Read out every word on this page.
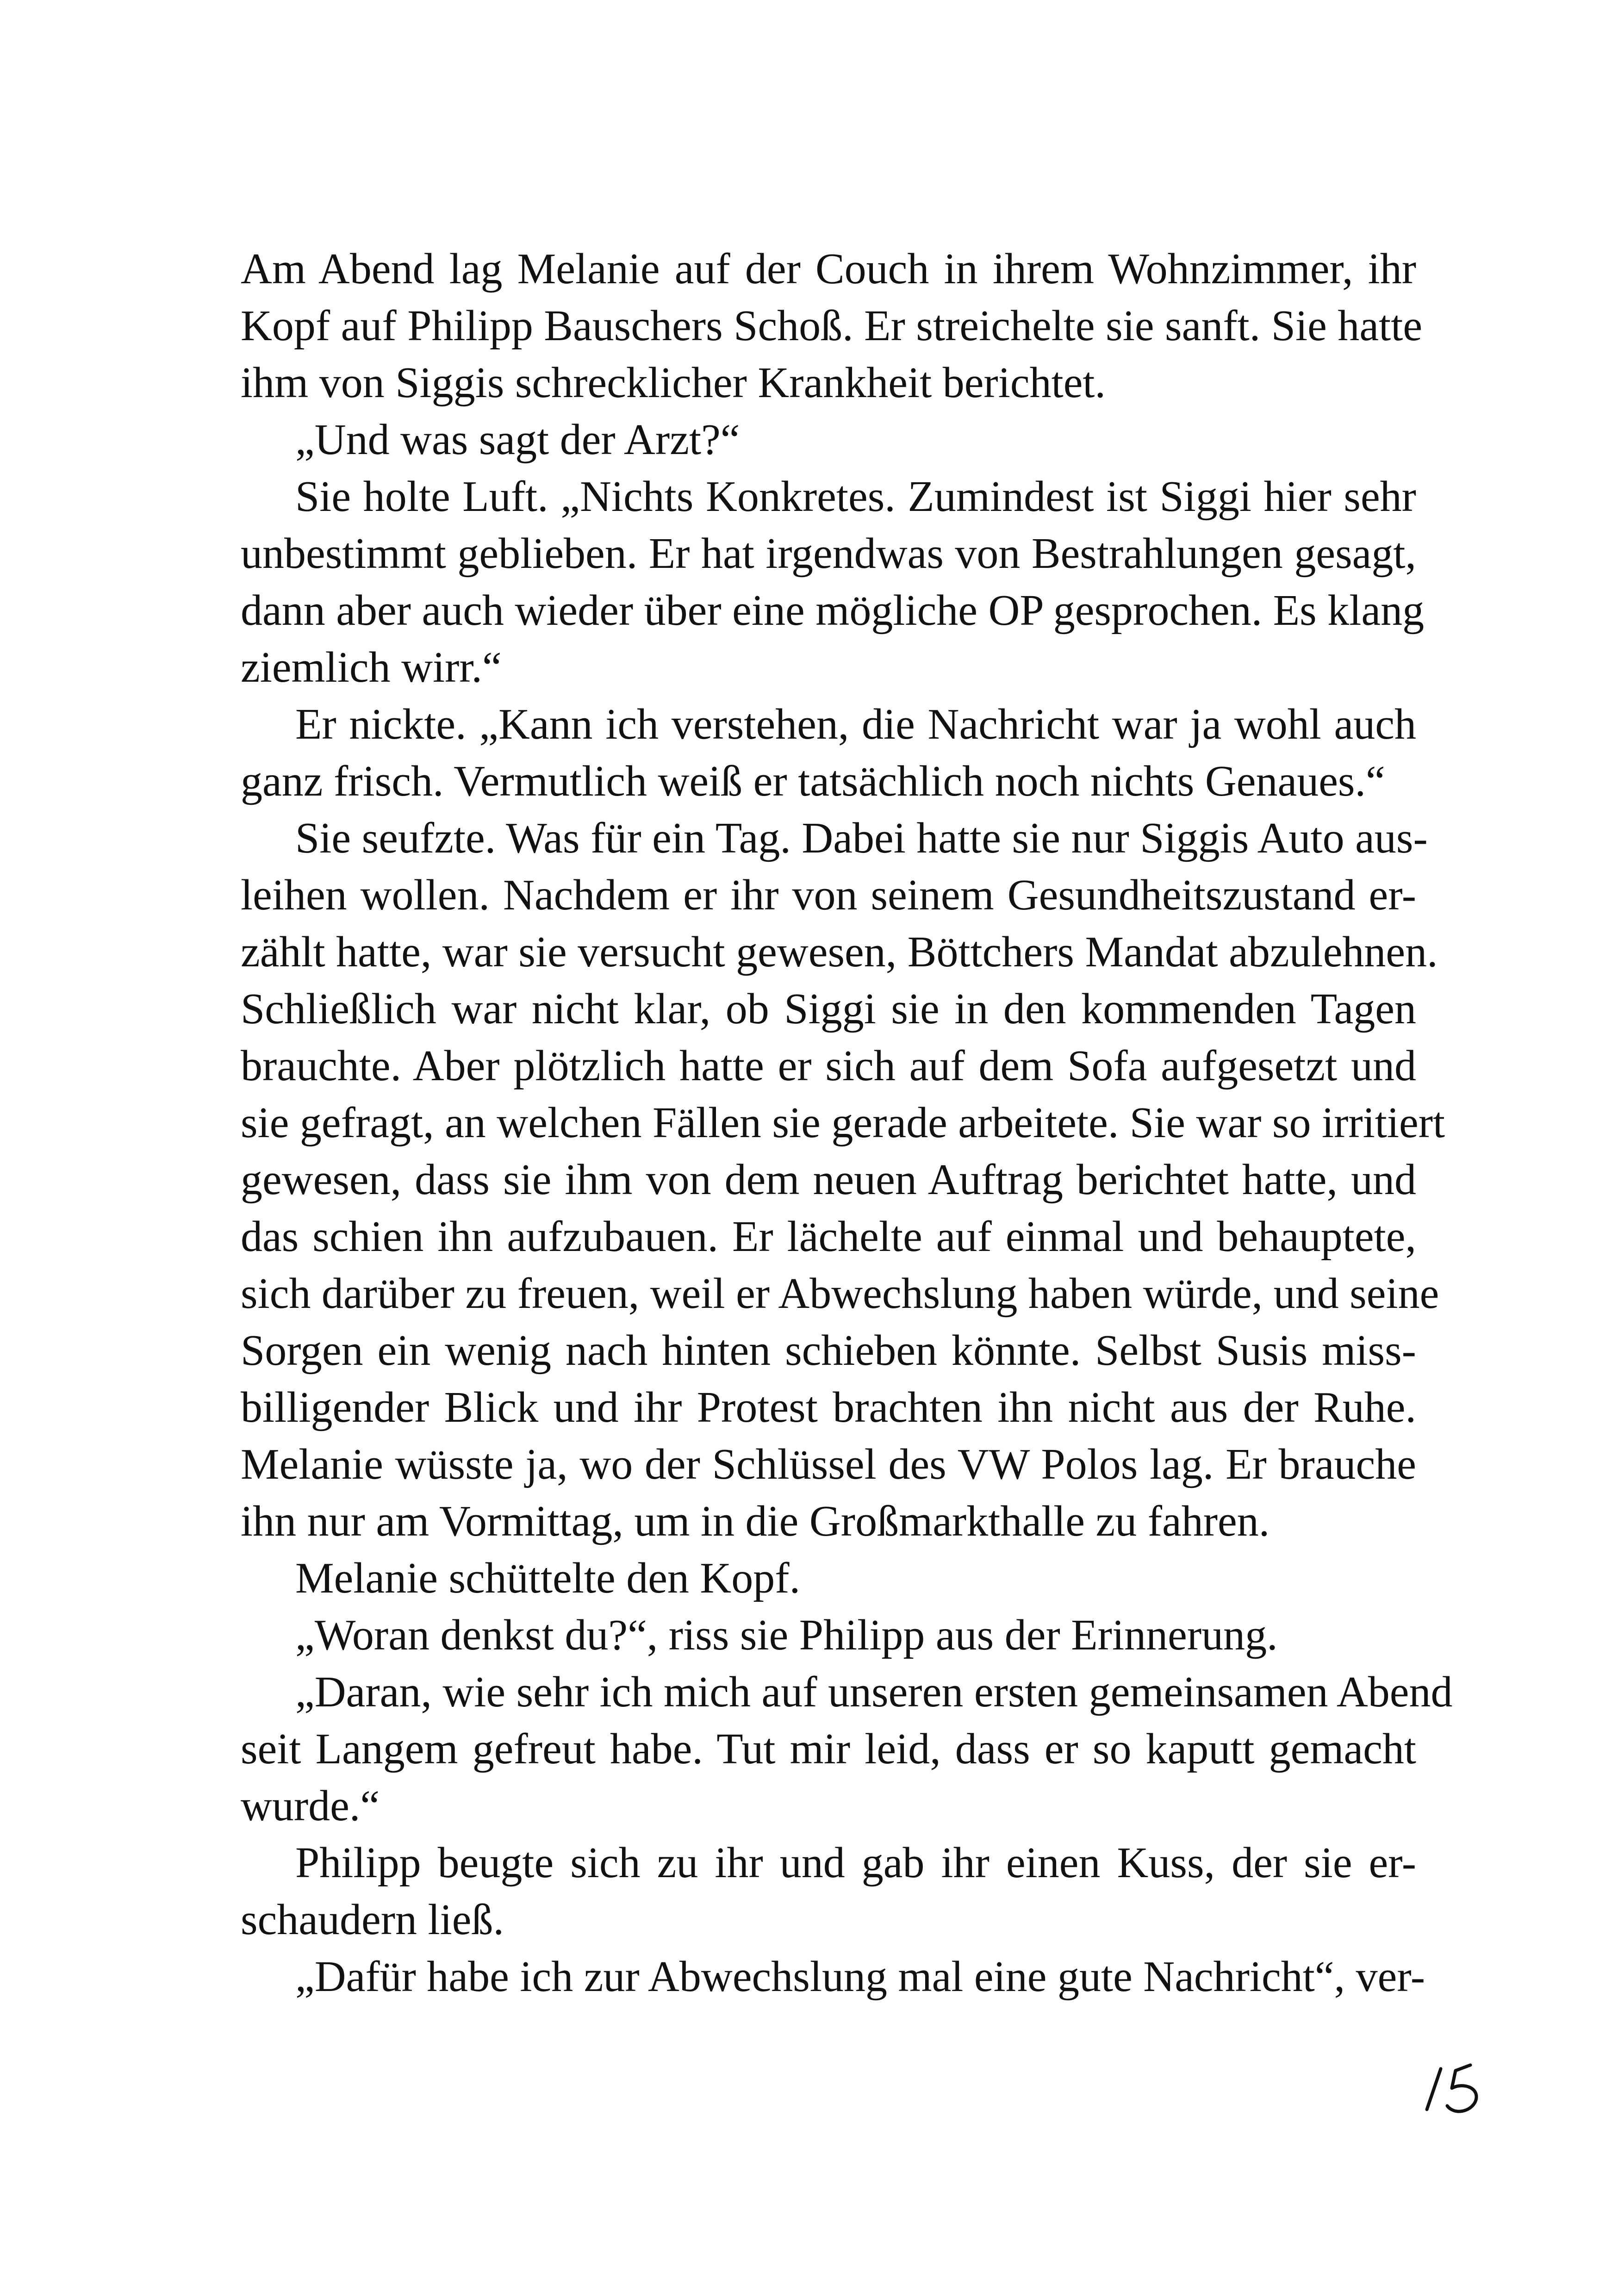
Am Abend lag Melanie auf der Couch in ihrem Wohnzimmer, ihr
Kopf auf Philipp Bauschers Schoß. Er streichelte sie sanft. Sie hatte
ihm von Siggis schrecklicher Krankheit berichtet.
„Und was sagt der Arzt?“
Sie holte Luft. „Nichts Konkretes. Zumindest ist Siggi hier sehr
unbestimmt geblieben. Er hat irgendwas von Bestrahlungen gesagt,
dann aber auch wieder über eine mögliche OP gesprochen. Es klang
ziemlich wirr.“
Er nickte. „Kann ich verstehen, die Nachricht war ja wohl auch
ganz frisch. Vermutlich weiß er tatsächlich noch nichts Genaues.“
Sie seufzte. Was für ein Tag. Dabei hatte sie nur Siggis Auto aus-
leihen wollen. Nachdem er ihr von seinem Gesundheitszustand er-
zählt hatte, war sie versucht gewesen, Böttchers Mandat abzulehnen.
Schließlich war nicht klar, ob Siggi sie in den kommenden Tagen
brauchte. Aber plötzlich hatte er sich auf dem Sofa aufgesetzt und
sie gefragt, an welchen Fällen sie gerade arbeitete. Sie war so irritiert
gewesen, dass sie ihm von dem neuen Auftrag berichtet hatte, und
das schien ihn aufzubauen. Er lächelte auf einmal und behauptete,
sich darüber zu freuen, weil er Abwechslung haben würde, und seine
Sorgen ein wenig nach hinten schieben könnte. Selbst Susis miss-
billigender Blick und ihr Protest brachten ihn nicht aus der Ruhe.
Melanie wüsste ja, wo der Schlüssel des VW Polos lag. Er brauche
ihn nur am Vormittag, um in die Großmarkthalle zu fahren.
Melanie schüttelte den Kopf.
„Woran denkst du?“, riss sie Philipp aus der Erinnerung.
„Daran, wie sehr ich mich auf unseren ersten gemeinsamen Abend
seit Langem gefreut habe. Tut mir leid, dass er so kaputt gemacht
wurde.“
Philipp beugte sich zu ihr und gab ihr einen Kuss, der sie er-
schaudern ließ.
„Dafür habe ich zur Abwechslung mal eine gute Nachricht“, ver-
